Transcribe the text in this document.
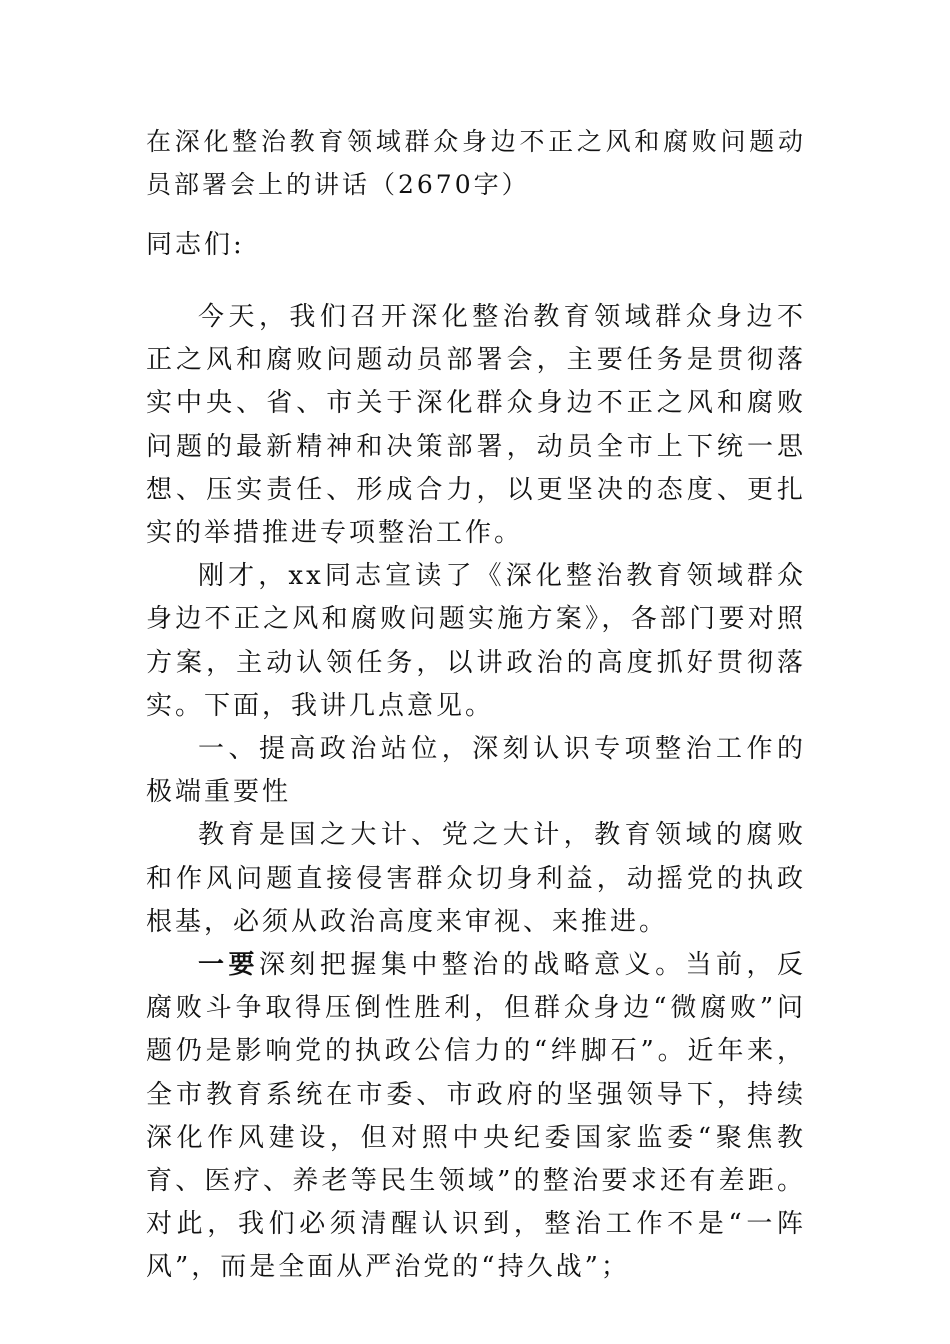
在深化整治教育领域群众身边不正之风和腐败问题动员部署会上的讲话（2670字）
同志们:

今天，我们召开深化整治教育领域群众身边不正之风和腐败问题动员部署会，主要任务是贯彻落实中央、省、市关于深化群众身边不正之风和腐败问题的最新精神和决策部署，动员全市上下统一思想、压实责任、形成合力，以更坚决的态度、更扎实的举措推进专项整治工作。

刚才，xx同志宣读了《深化整治教育领域群众身边不正之风和腐败问题实施方案》，各部门要对照方案，主动认领任务，以讲政治的高度抓好贯彻落实。下面，我讲几点意见。

一、提高政治站位，深刻认识专项整治工作的极端重要性

教育是国之大计、党之大计，教育领域的腐败和作风问题直接侵害群众切身利益，动摇党的执政根基，必须从政治高度来审视、来推进。

一要深刻把握集中整治的战略意义。当前，反腐败斗争取得压倒性胜利，但群众身边“微腐败”问题仍是影响党的执政公信力的“绊脚石”。近年来，全市教育系统在市委、市政府的坚强领导下，持续深化作风建设，但对照中央纪委国家监委“聚焦教育、医疗、养老等民生领域”的整治要求还有差距。对此，我们必须清醒认识到，整治工作不是“一阵风”，而是全面从严治党的“持久战”；
